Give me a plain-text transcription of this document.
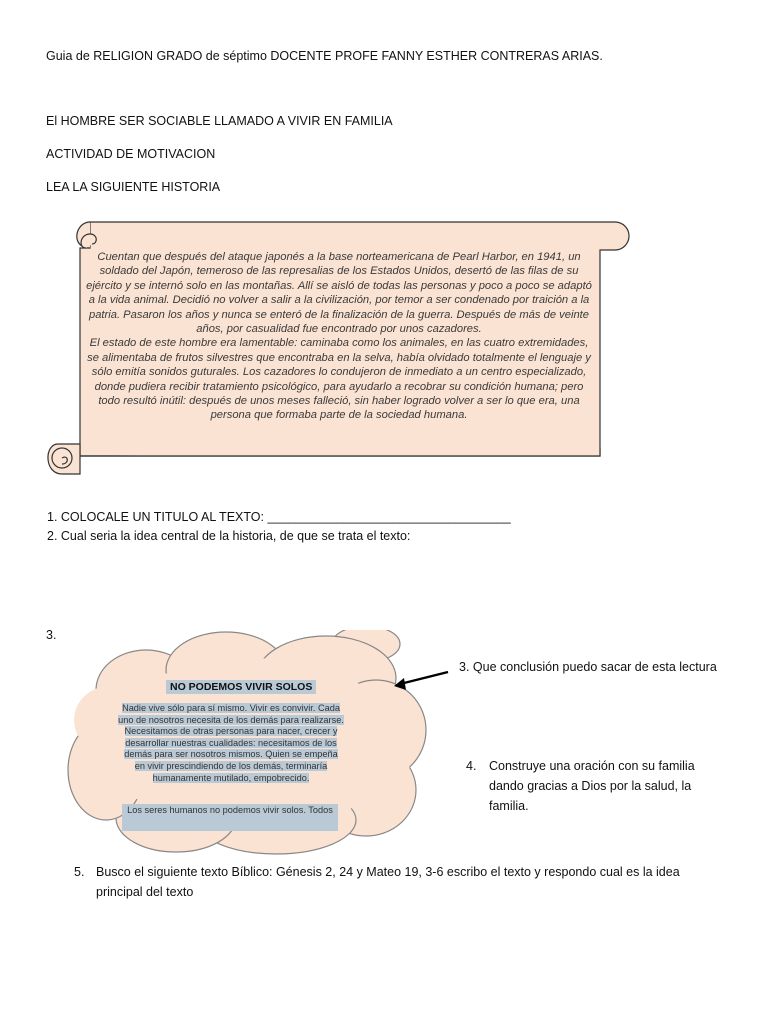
Guia de RELIGION GRADO de séptimo DOCENTE PROFE FANNY ESTHER CONTRERAS ARIAS.
El HOMBRE SER SOCIABLE LLAMADO A VIVIR EN FAMILIA
ACTIVIDAD DE MOTIVACION
LEA LA SIGUIENTE HISTORIA

Cuentan que después del ataque japonés a la base norteamericana de Pearl Harbor, en 1941, un soldado del Japón, temeroso de las represalias de los Estados Unidos, desertó de las filas de su ejército y se internó solo en las montañas. Allí se aisló de todas las personas y poco a poco se adaptó a la vida animal. Decidió no volver a salir a la civilización, por temor a ser condenado por traición a la patria. Pasaron los años y nunca se enteró de la finalización de la guerra. Después de más de veinte años, por casualidad fue encontrado por unos cazadores.

El estado de este hombre era lamentable: caminaba como los animales, en las cuatro extremidades, se alimentaba de frutos silvestres que encontraba en la selva, había olvidado totalmente el lenguaje y sólo emitía sonidos guturales. Los cazadores lo condujeron de inmediato a un centro especializado, donde pudiera recibir tratamiento psicológico, para ayudarlo a recobrar su condición humana; pero todo resultó inútil: después de unos meses falleció, sin haber logrado volver a ser lo que era, una persona que formaba parte de la sociedad humana.

1. COLOCALE UN TITULO AL TEXTO: ___________________________________
2. Cual seria la idea central de la historia, de que se trata el texto:
3.
NO PODEMOS VIVIR SOLOS
Nadie vive sólo para sí mismo. Vivir es convivir. Cada uno de nosotros necesita de los demás para realizarse. Necesitamos de otras personas para nacer, crecer y desarrollar nuestras cualidades: necesitamos de los demás para ser nosotros mismos. Quien se empeña en vivir prescindiendo de los demás, terminaría humanamente mutilado, empobrecido.
Los seres humanos no podemos vivir solos. Todos
3. Que conclusión puedo sacar de esta lectura
4. Construye una oración con su familia
dando gracias a Dios por la salud, la
familia.
5. Busco el siguiente texto Bíblico: Génesis 2, 24 y Mateo 19, 3-6 escribo el texto y respondo cual es la idea
principal del texto
